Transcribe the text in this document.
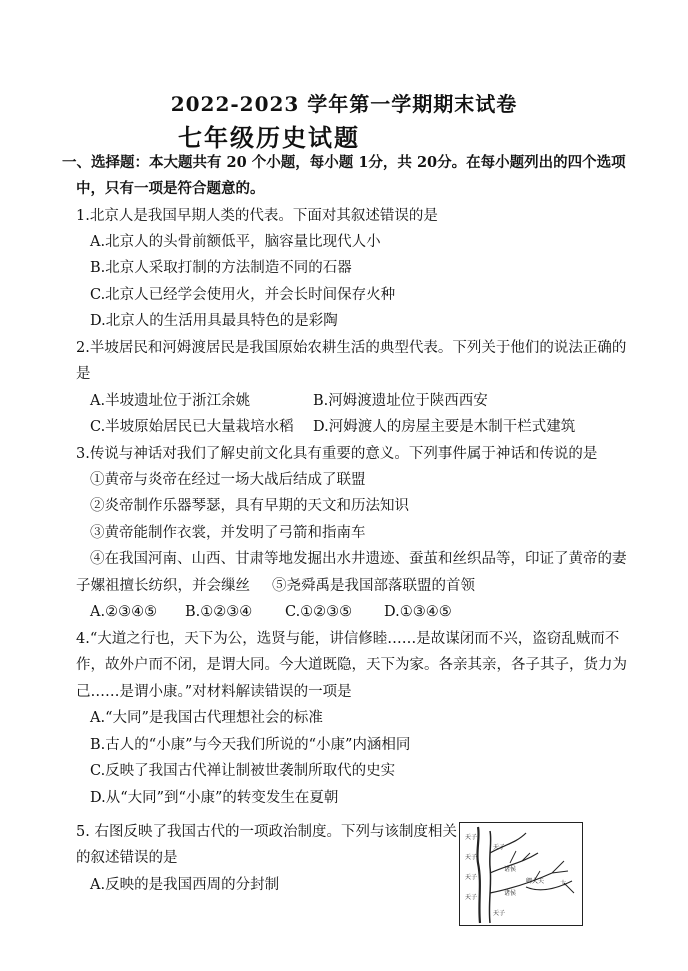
2022-2023 学年第一学期期末试卷
七年级历史试题
一、选择题：本大题共有 20 个小题，每小题 1分，共 20分。在每小题列出的四个选项
中，只有一项是符合题意的。
1.北京人是我国早期人类的代表。下面对其叙述错误的是
A.北京人的头骨前额低平，脑容量比现代人小
B.北京人采取打制的方法制造不同的石器
C.北京人已经学会使用火，并会长时间保存火种
D.北京人的生活用具最具特色的是彩陶
2.半坡居民和河姆渡居民是我国原始农耕生活的典型代表。下列关于他们的说法正确的
是
A.半坡遗址位于浙江余姚	B.河姆渡遗址位于陕西西安
C.半坡原始居民已大量栽培水稻 D.河姆渡人的房屋主要是木制干栏式建筑
3.传说与神话对我们了解史前文化具有重要的意义。下列事件属于神话和传说的是
①黄帝与炎帝在经过一场大战后结成了联盟
②炎帝制作乐器琴瑟，具有早期的天文和历法知识
③黄帝能制作衣裳，并发明了弓箭和指南车
④在我国河南、山西、甘肃等地发掘出水井遗迹、蚕茧和丝织品等，印证了黄帝的妻
子嫘祖擅长纺织，并会缫丝 ⑤尧舜禹是我国部落联盟的首领
A.②③④⑤ B.①②③④ C.①②③⑤ D.①③④⑤
4.“大道之行也，天下为公，选贤与能，讲信修睦……是故谋闭而不兴，盗窃乱贼而不
作，故外户而不闭，是谓大同。今大道既隐，天下为家。各亲其亲，各子其子，货力为
己……是谓小康。”对材料解读错误的一项是
A.“大同”是我国古代理想社会的标准
B.古人的“小康”与今天我们所说的“小康”内涵相同
C.反映了我国古代禅让制被世袭制所取代的史实
D.从“大同”到“小康”的转变发生在夏朝
5. 右图反映了我国古代的一项政治制度。下列与该制度相关
的叙述错误的是
A.反映的是我国西周的分封制
天子
天子
天子
天子
天子
天子
诸侯
诸侯
卿大夫	士
